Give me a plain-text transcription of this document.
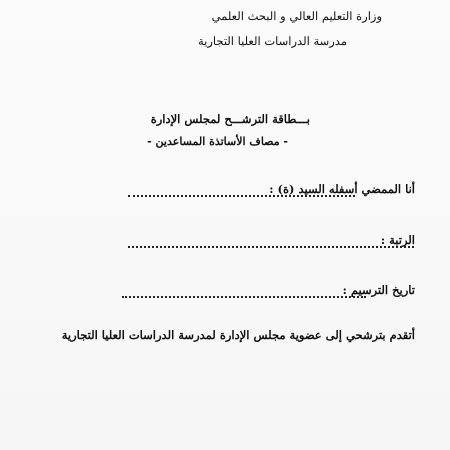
وزارة التعليم العالي و البحث العلمي
مدرسة الدراسات العليا التجارية
بـــطاقة الترشـــح لمجلس الإدارة
- مصاف الأساتذة المساعدين -
أنا الممضي أسفله السيد (ة) :
الرتبة :
تاريخ الترسيم :
أتقدم بترشحي إلى عضوية مجلس الإدارة لمدرسة الدراسات العليا التجارية
